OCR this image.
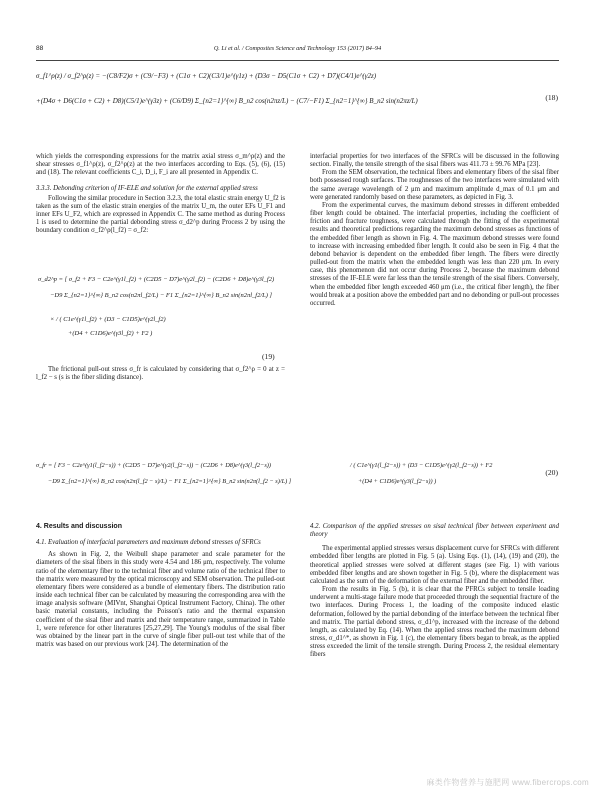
88	Q. Li et al. / Composites Science and Technology 153 (2017) 84–94
σ_f1^ρ(z) / σ_f2^ρ(z) = −(C8/F2)σ + (C9/−F3) + (C1σ + C2)(C3/1)e^(γ1z) + (D3σ − D5(C1σ + C2) + D7)(C4/1)e^(γ2z)
+(D4σ + D6(C1σ + C2) + D8)(C5/1)e^(γ3z) + (C6/D9) Σ_{n2=1}^{∞} B_n2 cos(n2πz/L) − (C7/−F1) Σ_{n2=1}^{∞} B_n2 sin(n2πz/L)	(18)

which yields the corresponding expressions for the matrix axial stress σ_m^ρ(z) and the shear stresses σ_f1^ρ(z), σ_f2^ρ(z) at the two interfaces according to Eqs. (5), (6), (15) and (18). The relevant coefficients C_i, D_i, F_i are all presented in Appendix C.

3.3.3. Debonding criterion of IF-ELE and solution for the external applied stress

Following the similar procedure in Section 3.2.3, the total elastic strain energy U_f2 is taken as the sum of the elastic strain energies of the matrix U_m, the outer EFs U_F1 and inner EFs U_F2, which are expressed in Appendix C. The same method as during Process 1 is used to determine the partial debonding stress σ_d2^p during Process 2 by using the boundary condition σ_f2^ρ(l_f2) = σ_f2:

σ_d2^p = [ σ_f2 + F3 − C2e^(γ1l_f2) + (C2D5 − D7)e^(γ2l_f2) − (C2D6 + D8)e^(γ3l_f2)
−D9 Σ_{n2=1}^{∞} B_n2 cos(n2πl_f2/L) − F1 Σ_{n2=1}^{∞} B_n2 sin(n2πl_f2/L) ]
× / ( C1e^(γ1l_f2) + (D3 − C1D5)e^(γ2l_f2)
+(D4 + C1D6)e^(γ3l_f2) + F2 )
(19)

The frictional pull-out stress σ_fr is calculated by considering that σ_f2^ρ = 0 at z = l_f2 − s (s is the fiber sliding distance).

interfacial properties for two interfaces of the SFRCs will be discussed in the following section. Finally, the tensile strength of the sisal fibers was 411.73 ± 99.76 MPa [23].

From the SEM observation, the technical fibers and elementary fibers of the sisal fiber both possessed rough surfaces. The roughnesses of the two interfaces were simulated with the same average wavelength of 2 μm and maximum amplitude d_max of 0.1 μm and were generated randomly based on these parameters, as depicted in Fig. 3.

From the experimental curves, the maximum debond stresses in different embedded fiber length could be obtained. The interfacial properties, including the coefficient of friction and fracture toughness, were calculated through the fitting of the experimental results and theoretical predictions regarding the maximum debond stresses as functions of the embedded fiber length as shown in Fig. 4. The maximum debond stresses were found to increase with increasing embedded fiber length. It could also be seen in Fig. 4 that the debond behavior is dependent on the embedded fiber length. The fibers were directly pulled-out from the matrix when the embedded length was less than 220 μm. In every case, this phenomenon did not occur during Process 2, because the maximum debond stresses of the IF-ELE were far less than the tensile strength of the sisal fibers. Conversely, when the embedded fiber length exceeded 460 μm (i.e., the critical fiber length), the fiber would break at a position above the embedded part and no debonding or pull-out processes occurred.

σ_fr = [ F3 − C2e^(γ1(l_f2−s)) + (C2D5 − D7)e^(γ2(l_f2−s)) − (C2D6 + D8)e^(γ3(l_f2−s))
−D9 Σ_{n2=1}^{∞} B_n2 cos(n2π(l_f2 − s)/L) − F1 Σ_{n2=1}^{∞} B_n2 sin(n2π(l_f2 − s)/L) ]
/ ( C1e^(γ1(l_f2−s)) + (D3 − C1D5)e^(γ2(l_f2−s)) + F2
+(D4 + C1D6)e^(γ3(l_f2−s)) )
(20)

4. Results and discussion

4.1. Evaluation of interfacial parameters and maximum debond stresses of SFRCs

As shown in Fig. 2, the Weibull shape parameter and scale parameter for the diameters of the sisal fibers in this study were 4.54 and 186 μm, respectively. The volume ratio of the elementary fiber to the technical fiber and volume ratio of the technical fiber to the matrix were measured by the optical microscopy and SEM observation. The pulled-out elementary fibers were considered as a bundle of elementary fibers. The distribution ratio inside each technical fiber can be calculated by measuring the corresponding area with the image analysis software (MIVnt, Shanghai Optical Instrument Factory, China). The other basic material constants, including the Poisson's ratio and the thermal expansion coefficient of the sisal fiber and matrix and their temperature range, summarized in Table 1, were reference for other literatures [25,27,29]. The Young's modulus of the sisal fiber was obtained by the linear part in the curve of single fiber pull-out test while that of the matrix was based on our previous work [24]. The determination of the

4.2. Comparison of the applied stresses on sisal technical fiber between experiment and theory

The experimental applied stresses versus displacement curve for SFRCs with different embedded fiber lengths are plotted in Fig. 5 (a). Using Eqs. (1), (14), (19) and (20), the theoretical applied stresses were solved at different stages (see Fig. 1) with various embedded fiber lengths and are shown together in Fig. 5 (b), where the displacement was calculated as the sum of the deformation of the external fiber and the embedded fiber.

From the results in Fig. 5 (b), it is clear that the PFRCs subject to tensile loading underwent a multi-stage failure mode that proceeded through the sequential fracture of the two interfaces. During Process 1, the loading of the composite induced elastic deformation, followed by the partial debonding of the interface between the technical fiber and matrix. The partial debond stress, σ_d1^p, increased with the increase of the debond length, as calculated by Eq. (14). When the applied stress reached the maximum debond stress, σ_d1^*, as shown in Fig. 1 (c), the elementary fibers began to break, as the applied stress exceeded the limit of the tensile strength. During Process 2, the residual elementary fibers

麻类作物营养与施肥网 www.fibercrops.com
